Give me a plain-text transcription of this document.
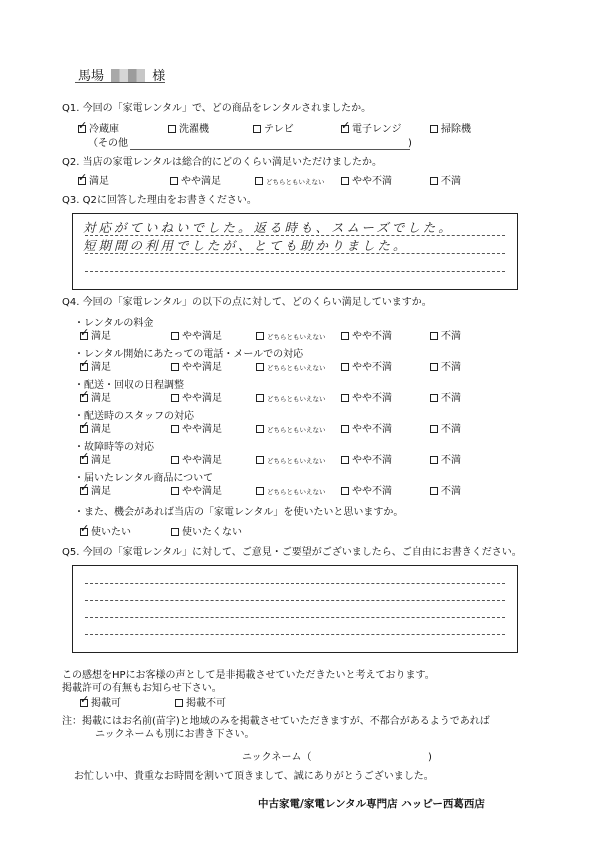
馬場	様
Q1. 今回の「家電レンタル」で、どの商品をレンタルされましたか。
✓冷蔵庫	洗濯機	テレビ
✓	電子レンジ	掃除機
（その他	)
Q2. 当店の家電レンタルは総合的にどのくらい満足いただけましたか。
✓満足	やや満足	どちらともいえない	やや不満	不満
Q3. Q2に回答した理由をお書きください。
対応がていねいでした。返る時も、スムーズでした。
短期間の利用でしたが、とても助かりました。
Q4. 今回の「家電レンタル」の以下の点に対して、どのくらい満足していますか。
・レンタルの料金
✓満足	やや満足	どちらともいえない	やや不満	不満
・レンタル開始にあたっての電話・メールでの対応
✓満足	やや満足	どちらともいえない	やや不満	不満
・配送・回収の日程調整
✓満足	やや満足	どちらともいえない	やや不満	不満
・配送時のスタッフの対応
✓満足	やや満足	どちらともいえない	やや不満	不満
・故障時等の対応
✓満足	やや満足	どちらともいえない	やや不満	不満
・届いたレンタル商品について
✓満足	やや満足	どちらともいえない	やや不満	不満
・また、機会があれば当店の「家電レンタル」を使いたいと思いますか。
✓使いたい	使いたくない
Q5. 今回の「家電レンタル」に対して、ご意見・ご要望がございましたら、ご自由にお書きください。
この感想をHPにお客様の声として是非掲載させていただきたいと考えております。
掲載許可の有無もお知らせ下さい。
✓掲載可	掲載不可
注：掲載にはお名前(苗字)と地域のみを掲載させていただきますが、不都合があるようであれば
ニックネームも別にお書き下さい。
ニックネーム（	)
お忙しい中、貴重なお時間を割いて頂きまして、誠にありがとうございました。
中古家電/家電レンタル専門店 ハッピー西葛西店
